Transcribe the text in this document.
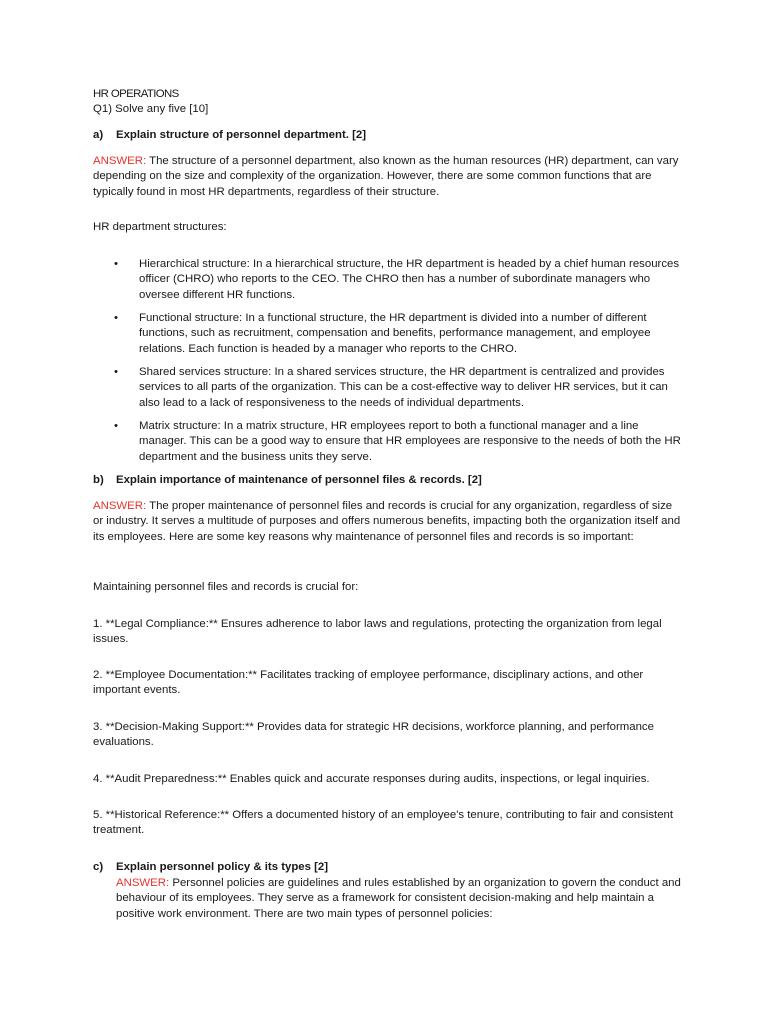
HR OPERATIONS

Q1) Solve any five [10]

a)	Explain structure of personnel department. [2]

ANSWER: The structure of a personnel department, also known as the human resources (HR) department, can vary depending on the size and complexity of the organization. However, there are some common functions that are typically found in most HR departments, regardless of their structure.

HR department structures:

• Hierarchical structure: In a hierarchical structure, the HR department is headed by a chief human resources officer (CHRO) who reports to the CEO. The CHRO then has a number of subordinate managers who oversee different HR functions.
• Functional structure: In a functional structure, the HR department is divided into a number of different functions, such as recruitment, compensation and benefits, performance management, and employee relations. Each function is headed by a manager who reports to the CHRO.
• Shared services structure: In a shared services structure, the HR department is centralized and provides services to all parts of the organization. This can be a cost-effective way to deliver HR services, but it can also lead to a lack of responsiveness to the needs of individual departments.
• Matrix structure: In a matrix structure, HR employees report to both a functional manager and a line manager. This can be a good way to ensure that HR employees are responsive to the needs of both the HR department and the business units they serve.
b)	Explain importance of maintenance of personnel files & records. [2]

ANSWER: The proper maintenance of personnel files and records is crucial for any organization, regardless of size or industry. It serves a multitude of purposes and offers numerous benefits, impacting both the organization itself and its employees. Here are some key reasons why maintenance of personnel files and records is so important:

Maintaining personnel files and records is crucial for:

1. **Legal Compliance:** Ensures adherence to labor laws and regulations, protecting the organization from legal issues.

2. **Employee Documentation:** Facilitates tracking of employee performance, disciplinary actions, and other important events.

3. **Decision-Making Support:** Provides data for strategic HR decisions, workforce planning, and performance evaluations.

4. **Audit Preparedness:** Enables quick and accurate responses during audits, inspections, or legal inquiries.

5. **Historical Reference:** Offers a documented history of an employee's tenure, contributing to fair and consistent treatment.

c)	Explain personnel policy & its types [2]

ANSWER: Personnel policies are guidelines and rules established by an organization to govern the conduct and behaviour of its employees. They serve as a framework for consistent decision-making and help maintain a positive work environment. There are two main types of personnel policies:
